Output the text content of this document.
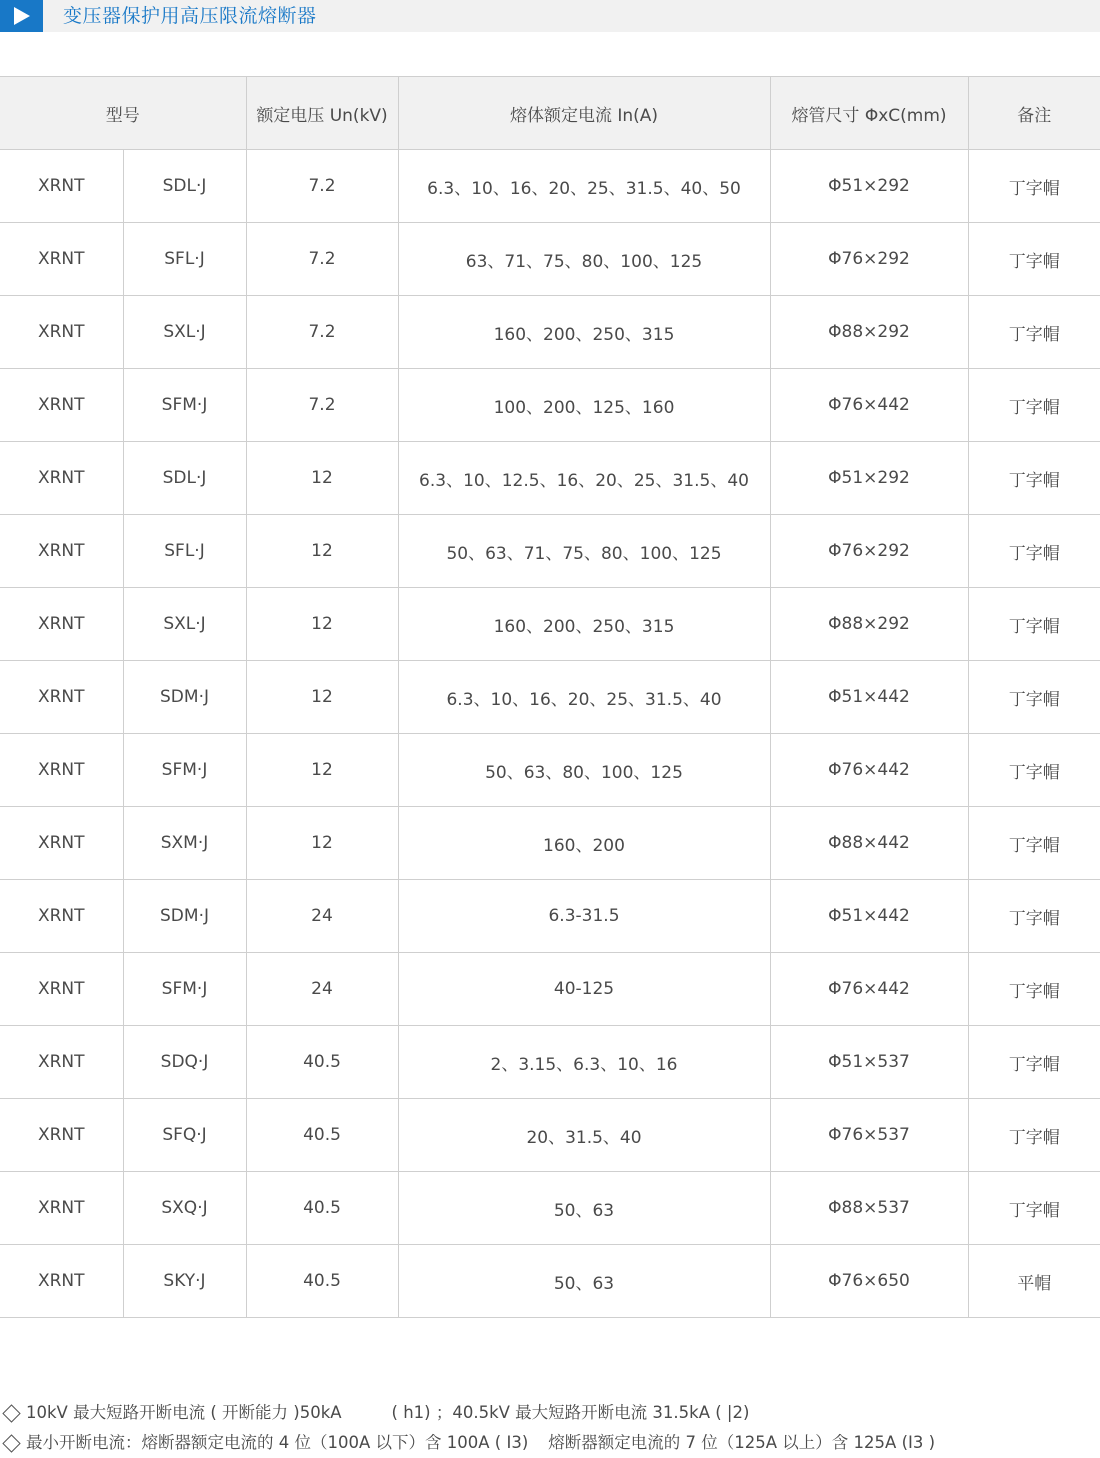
变压器保护用高压限流熔断器
型号		额定电压 Un(kV)	熔体额定电流 In(A)	熔管尺寸 ΦxC(mm)	备注
XRNT	SDL·J	7.2	6.3、10、16、20、25、31.5、40、50	Φ51×292	丁字帽
XRNT	SFL·J	7.2	63、71、75、80、100、125	Φ76×292	丁字帽
XRNT	SXL·J	7.2	160、200、250、315	Φ88×292	丁字帽
XRNT	SFM·J	7.2	100、200、125、160	Φ76×442	丁字帽
XRNT	SDL·J	12	6.3、10、12.5、16、20、25、31.5、40	Φ51×292	丁字帽
XRNT	SFL·J	12	50、63、71、75、80、100、125	Φ76×292	丁字帽
XRNT	SXL·J	12	160、200、250、315	Φ88×292	丁字帽
XRNT	SDM·J	12	6.3、10、16、20、25、31.5、40	Φ51×442	丁字帽
XRNT	SFM·J	12	50、63、80、100、125	Φ76×442	丁字帽
XRNT	SXM·J	12	160、200	Φ88×442	丁字帽
XRNT	SDM·J	24	6.3-31.5	Φ51×442	丁字帽
XRNT	SFM·J	24	40-125	Φ76×442	丁字帽
XRNT	SDQ·J	40.5	2、3.15、6.3、10、16	Φ51×537	丁字帽
XRNT	SFQ·J	40.5	20、31.5、40	Φ76×537	丁字帽
XRNT	SXQ·J	40.5	50、63	Φ88×537	丁字帽
XRNT	SKY·J	40.5	50、63	Φ76×650	平帽
10kV 最大短路开断电流 ( 开断能力 )50kA	( h1) ；40.5kV 最大短路开断电流 31.5kA ( |2)
最小开断电流：熔断器额定电流的 4 位（100A 以下）含 100A ( I3) 熔断器额定电流的 7 位（125A 以上）含 125A (I3 )
